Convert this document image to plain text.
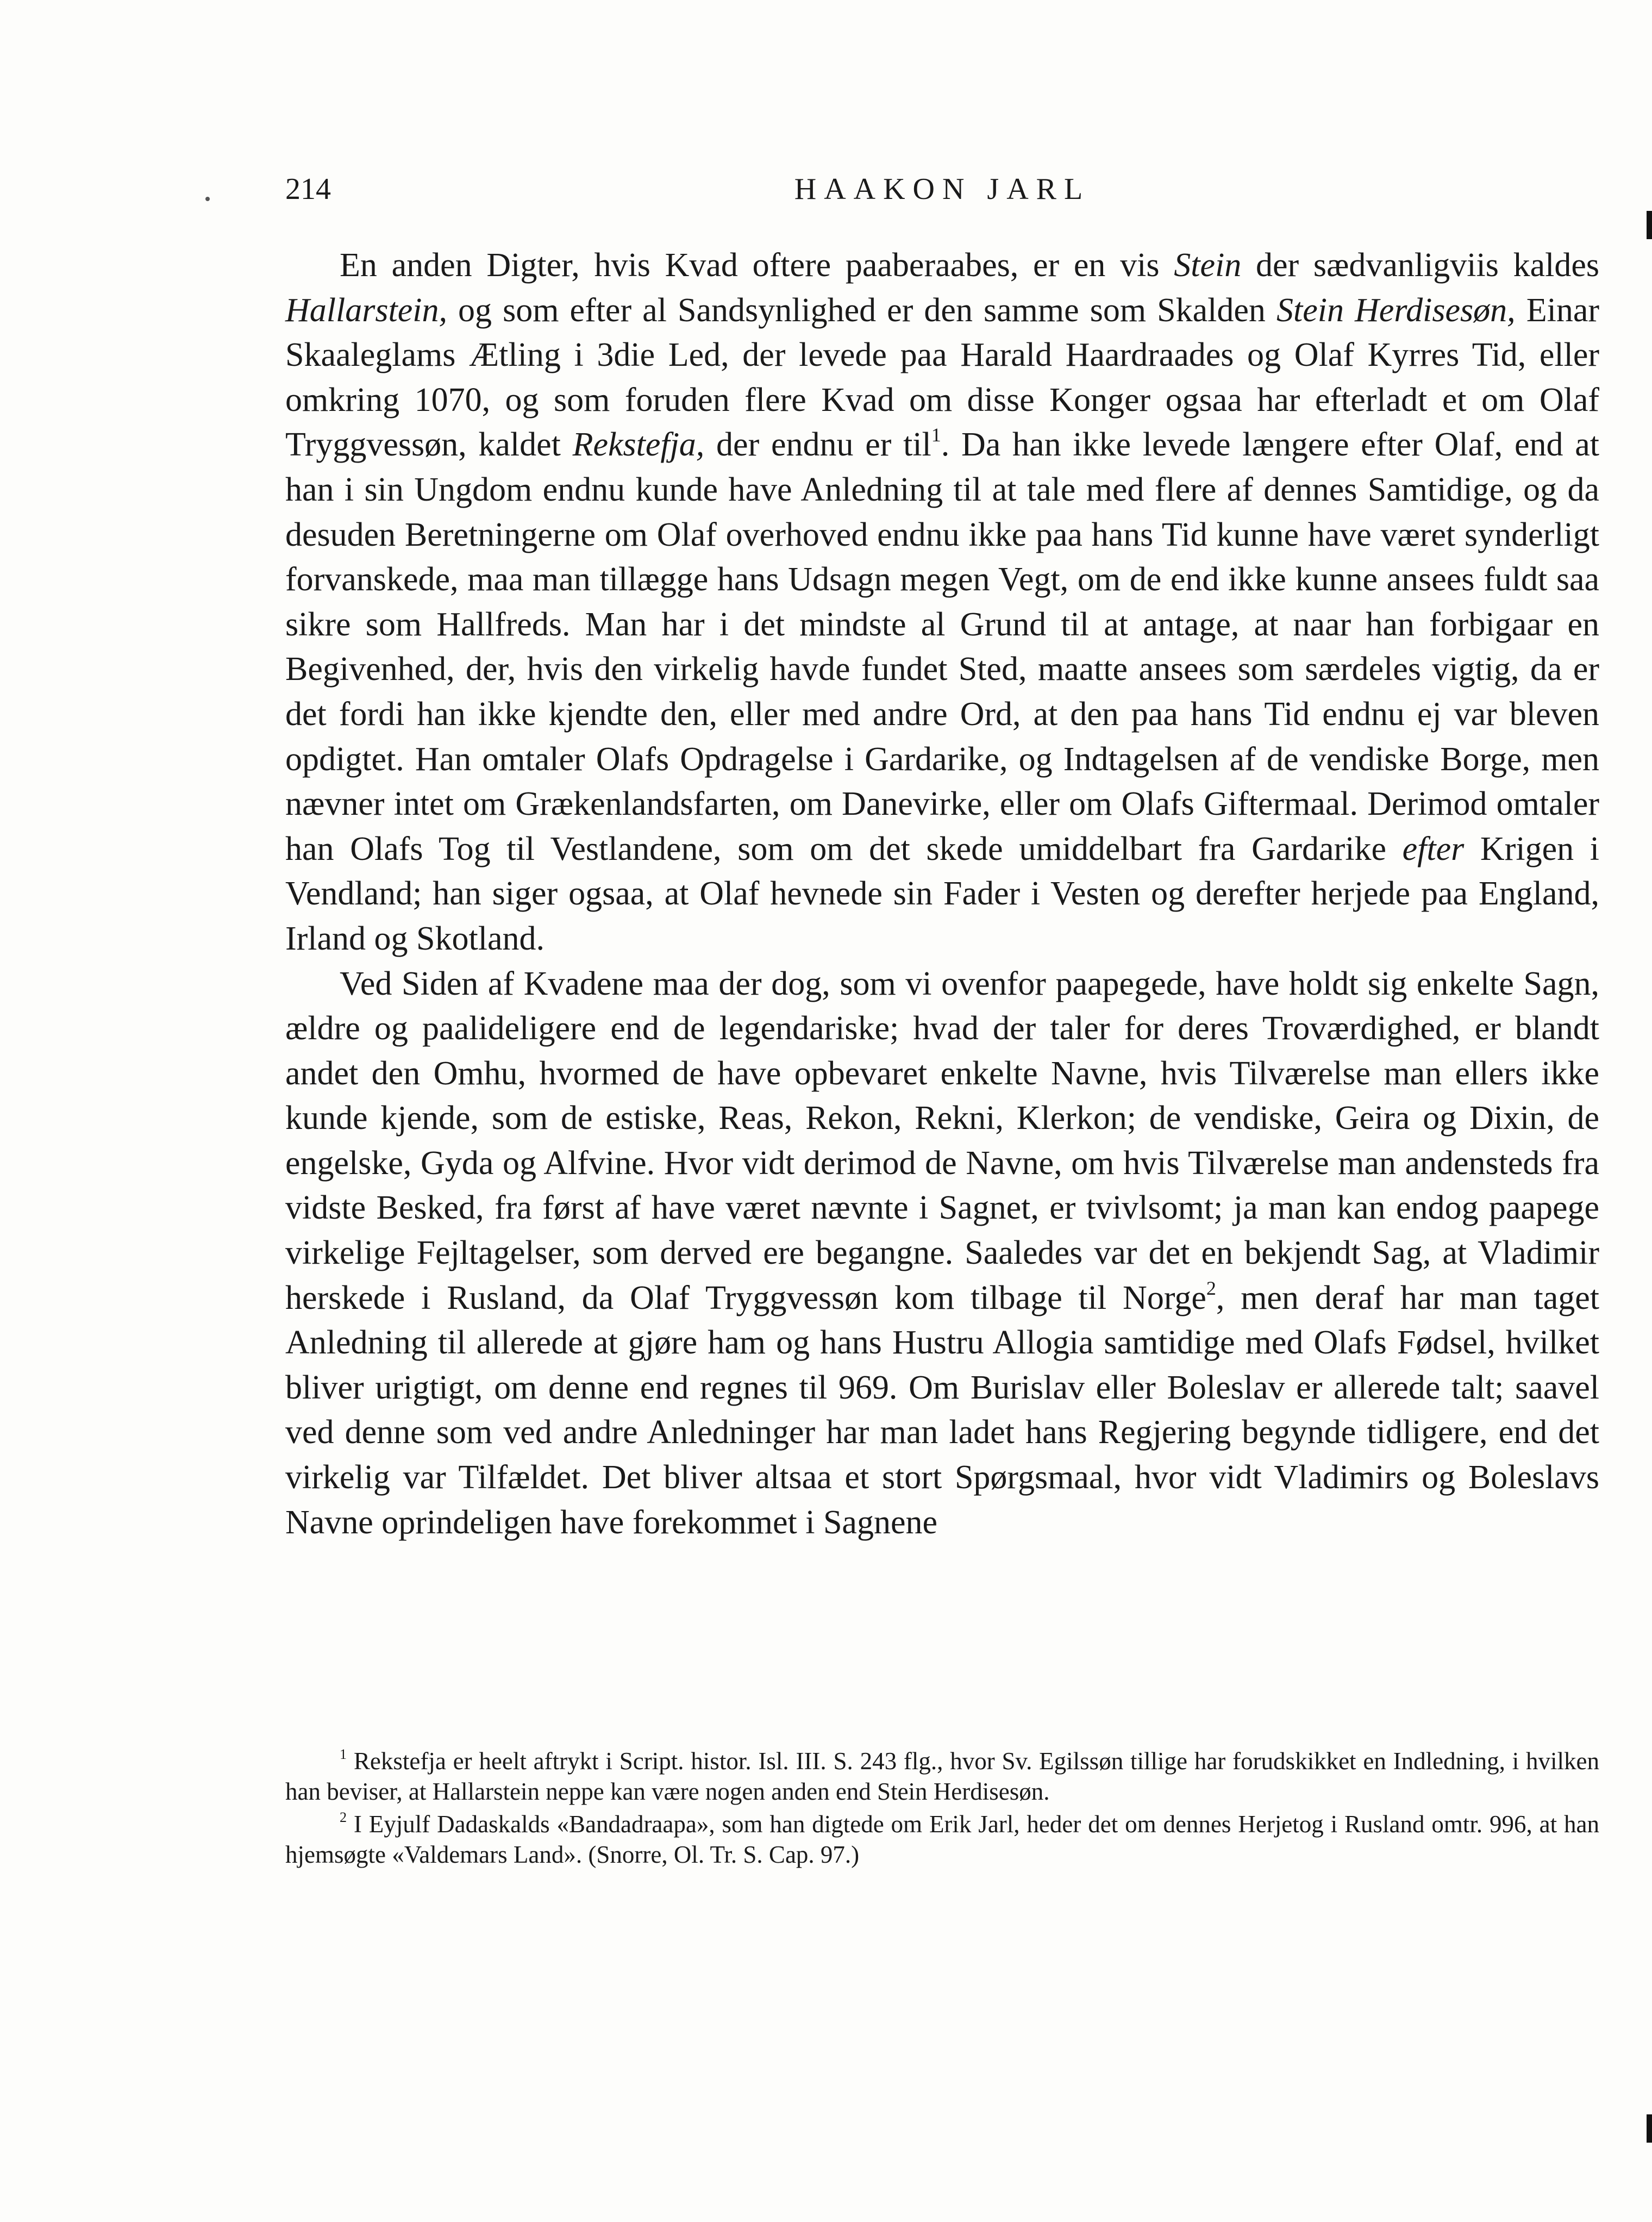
214	HAAKON JARL

En anden Digter, hvis Kvad oftere paaberaabes, er en vis Stein der sædvanligviis kaldes Hallarstein, og som efter al Sandsynlighed er den samme som Skalden Stein Herdisesøn, Einar Skaaleglams Ætling i 3die Led, der levede paa Harald Haardraades og Olaf Kyrres Tid, eller omkring 1070, og som foruden flere Kvad om disse Konger ogsaa har efterladt et om Olaf Tryggvessøn, kaldet Rekstefja, der endnu er til$^1$. Da han ikke levede længere efter Olaf, end at han i sin Ungdom endnu kunde have Anledning til at tale med flere af dennes Samtidige, og da desuden Beretningerne om Olaf overhoved endnu ikke paa hans Tid kunne have været synderligt forvanskede, maa man tillægge hans Udsagn megen Vegt, om de end ikke kunne ansees fuldt saa sikre som Hallfreds. Man har i det mindste al Grund til at antage, at naar han forbigaar en Begivenhed, der, hvis den virkelig havde fundet Sted, maatte ansees som særdeles vigtig, da er det fordi han ikke kjendte den, eller med andre Ord, at den paa hans Tid endnu ej var bleven opdigtet. Han omtaler Olafs Opdragelse i Gardarike, og Indtagelsen af de vendiske Borge, men nævner intet om Grækenlandsfarten, om Danevirke, eller om Olafs Giftermaal. Derimod omtaler han Olafs Tog til Vestlandene, som om det skede umiddelbart fra Gardarike efter Krigen i Vendland; han siger ogsaa, at Olaf hevnede sin Fader i Vesten og derefter herjede paa England, Irland og Skotland.

Ved Siden af Kvadene maa der dog, som vi ovenfor paapegede, have holdt sig enkelte Sagn, ældre og paalideligere end de legendariske; hvad der taler for deres Troværdighed, er blandt andet den Omhu, hvormed de have opbevaret enkelte Navne, hvis Tilværelse man ellers ikke kunde kjende, som de estiske, Reas, Rekon, Rekni, Klerkon; de vendiske, Geira og Dixin, de engelske, Gyda og Alfvine. Hvor vidt derimod de Navne, om hvis Tilværelse man andensteds fra vidste Besked, fra først af have været nævnte i Sagnet, er tvivlsomt; ja man kan endog paapege virkelige Fejltagelser, som derved ere begangne. Saaledes var det en bekjendt Sag, at Vladimir herskede i Rusland, da Olaf Tryggvessøn kom tilbage til Norge$^2$, men deraf har man taget Anledning til allerede at gjøre ham og hans Hustru Allogia samtidige med Olafs Fødsel, hvilket bliver urigtigt, om denne end regnes til 969. Om Burislav eller Boleslav er allerede talt; saavel ved denne som ved andre Anledninger har man ladet hans Regjering begynde tidligere, end det virkelig var Tilfældet. Det bliver altsaa et stort Spørgsmaal, hvor vidt Vladimirs og Boleslavs Navne oprindeligen have forekommet i Sagnene

$^1$ Rekstefja er heelt aftrykt i Script. histor. Isl. III. S. 243 flg., hvor Sv. Egilssøn tillige har forudskikket en Indledning, i hvilken han beviser, at Hallarstein neppe kan være nogen anden end Stein Herdisesøn.

$^2$ I Eyjulf Dadaskalds «Bandadraapa», som han digtede om Erik Jarl, heder det om dennes Herjetog i Rusland omtr. 996, at han hjemsøgte «Valdemars Land». (Snorre, Ol. Tr. S. Cap. 97.)
